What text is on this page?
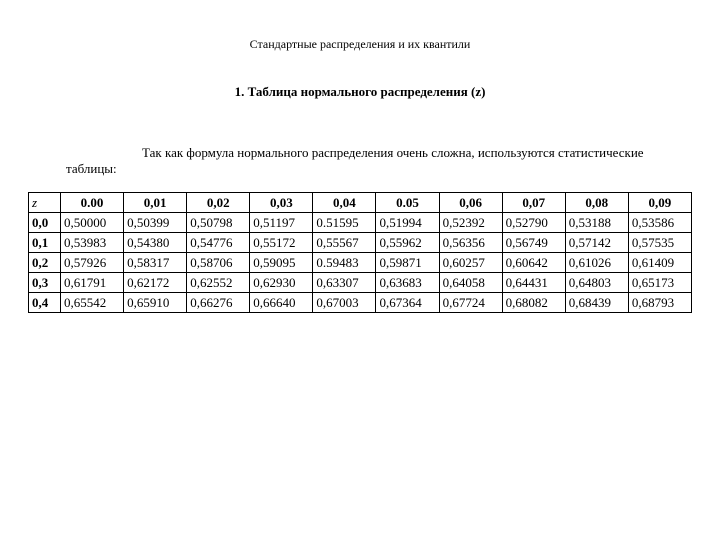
Стандартные распределения и их квантили
1. Таблица нормального распределения (z)
Так как формула нормального распределения очень сложна, используются статистические таблицы:
z	0.00	0,01	0,02	0,03	0,04	0.05	0,06	0,07	0,08	0,09
0,0	0,50000	0,50399	0,50798	0,51197	0.51595	0,51994	0,52392	0,52790	0,53188	0,53586
0,1	0,53983	0,54380	0,54776	0,55172	0,55567	0,55962	0,56356	0,56749	0,57142	0,57535
0,2	0,57926	0,58317	0,58706	0,59095	0.59483	0,59871	0,60257	0,60642	0,61026	0,61409
0,3	0,61791	0,62172	0,62552	0,62930	0,63307	0,63683	0,64058	0,64431	0,64803	0,65173
0,4	0,65542	0,65910	0,66276	0,66640	0,67003	0,67364	0,67724	0,68082	0,68439	0,68793
